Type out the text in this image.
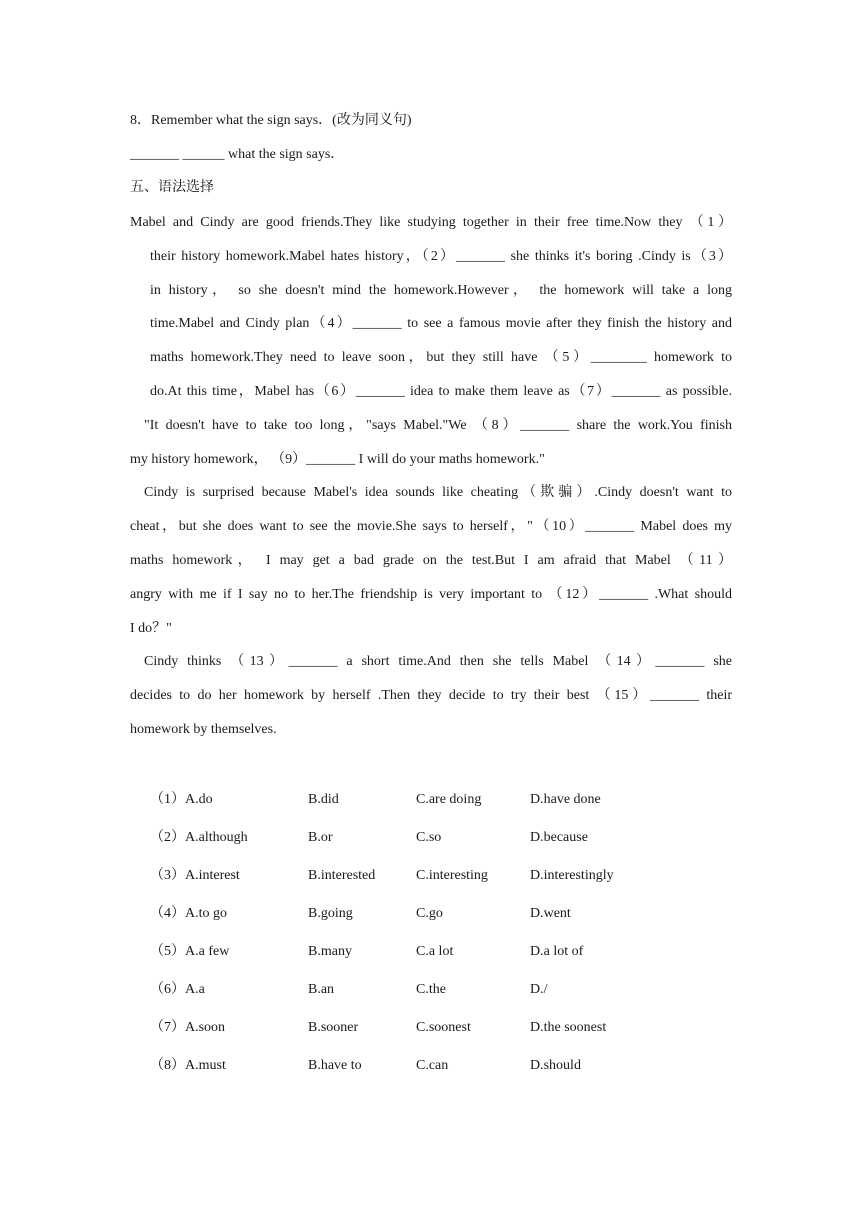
8．Remember what the sign says．(改为同义句)
_______ ______ what the sign says．
五、语法选择
Mabel and Cindy are good friends.They like studying together in their free time.Now they （1）
their history homework.Mabel hates history，（2）_______ she thinks it's boring .Cindy is（3）
in history， so she doesn't mind the homework.However， the homework will take a long
time.Mabel and Cindy plan（4）_______ to see a famous movie after they finish the history and
maths homework.They need to leave soon，but they still have （5）________ homework to
do.At this time，Mabel has（6）_______ idea to make them leave as（7）_______ as possible.
 "It doesn't have to take too long，"says Mabel."We （8）_______ share the work.You finish
my history homework， （9）_______ I will do your maths homework."
 Cindy is surprised because Mabel's idea sounds like cheating（欺骗）.Cindy doesn't want to
cheat，but she does want to see the movie.She says to herself，"（10）_______ Mabel does my
maths homework， I may get a bad grade on the test.But I am afraid that Mabel （11）
angry with me if I say no to her.The friendship is very important to （12）_______ .What should
I do？"
 Cindy thinks （13）_______ a short time.And then she tells Mabel （14）_______ she
decides to do her homework by herself .Then they decide to try their best （15）_______ their
homework by themselves.
（1）A.do	B.did	C.are doing	D.have done
（2）A.although	B.or	C.so	D.because
（3）A.interest	B.interested	C.interesting	D.interestingly
（4）A.to go	B.going	C.go	D.went
（5）A.a few	B.many	C.a lot	D.a lot of
（6）A.a	B.an	C.the	D./
（7）A.soon	B.sooner	C.soonest	D.the soonest
（8）A.must	B.have to	C.can	D.should
